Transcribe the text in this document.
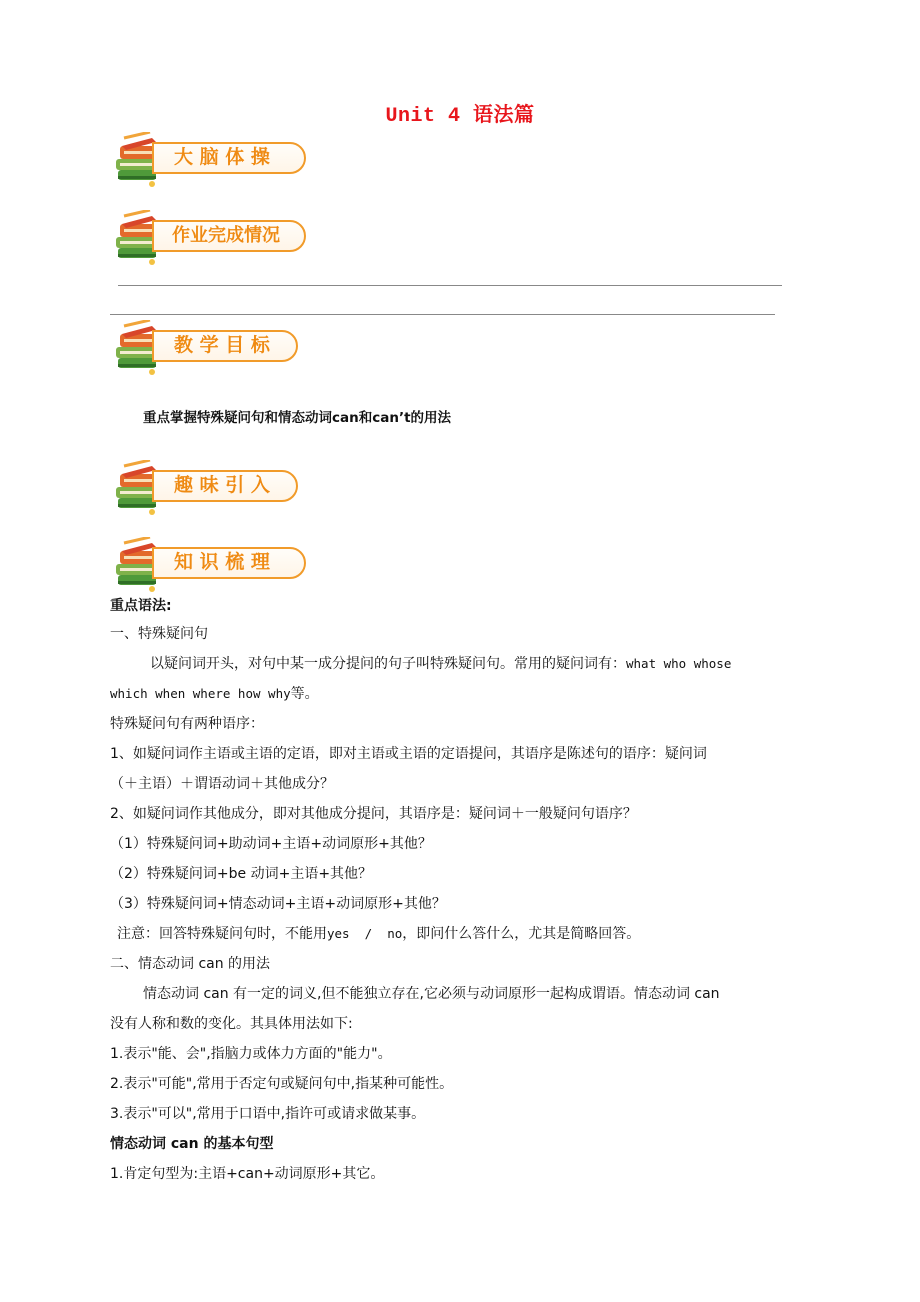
Unit 4 语法篇
大 脑 体 操
作业完成情况
教 学 目 标
重点掌握特殊疑问句和情态动词can和can’t的用法
趣 味 引 入
知 识 梳 理
重点语法:
一、特殊疑问句
以疑问词开头，对句中某一成分提问的句子叫特殊疑问句。常用的疑问词有：what who whose
which when where how why等。
特殊疑问句有两种语序：
1、如疑问词作主语或主语的定语，即对主语或主语的定语提问，其语序是陈述句的语序：疑问词
（＋主语）＋谓语动词＋其他成分？
2、如疑问词作其他成分，即对其他成分提问，其语序是：疑问词＋一般疑问句语序？
（1）特殊疑问词+助动词+主语+动词原形+其他？
（2）特殊疑问词+be 动词+主语+其他？
（3）特殊疑问词+情态动词+主语+动词原形+其他？
注意：回答特殊疑问句时，不能用yes  /  no，即问什么答什么，尤其是简略回答。
二、情态动词 can 的用法
情态动词 can 有一定的词义,但不能独立存在,它必须与动词原形一起构成谓语。情态动词 can
没有人称和数的变化。其具体用法如下:
1.表示"能、会",指脑力或体力方面的"能力"。
2.表示"可能",常用于否定句或疑问句中,指某种可能性。
3.表示"可以",常用于口语中,指许可或请求做某事。
情态动词 can 的基本句型
1.肯定句型为:主语+can+动词原形+其它。
